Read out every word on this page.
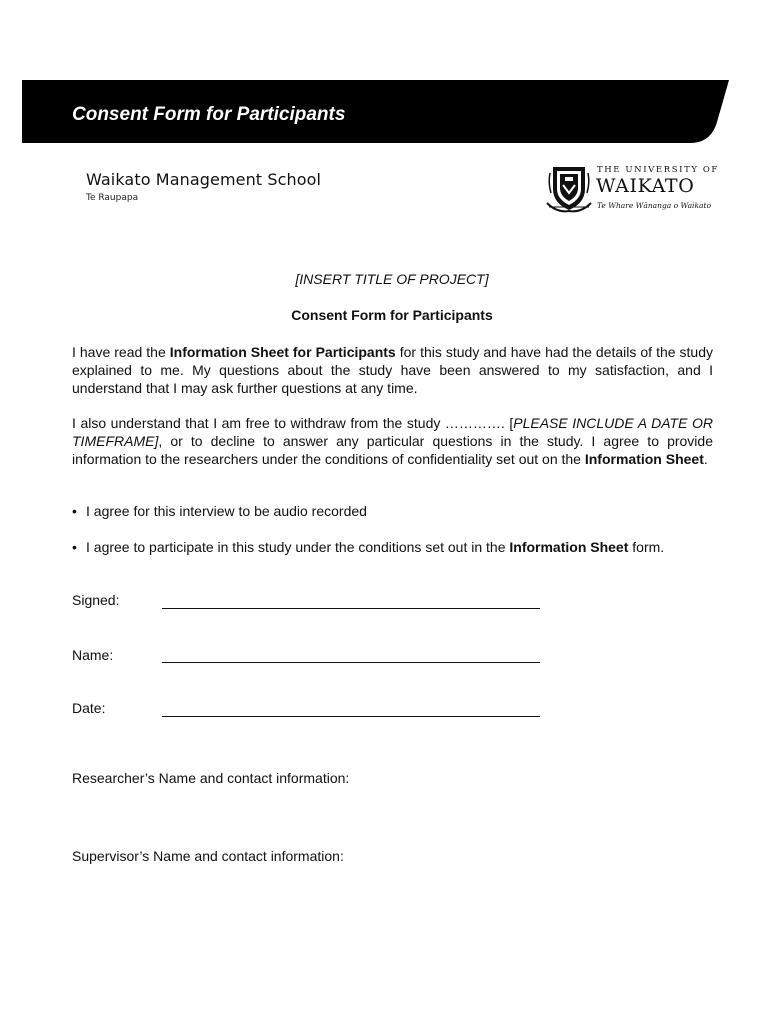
Consent Form for Participants
Waikato Management School
Te Raupapa
THE UNIVERSITY OF
WAIKATO
Te Whare Wānanga o Waikato
[INSERT TITLE OF PROJECT]
Consent Form for Participants
I have read the Information Sheet for Participants for this study and have had the details of the study explained to me. My questions about the study have been answered to my satisfaction, and I understand that I may ask further questions at any time.
I also understand that I am free to withdraw from the study …………. [PLEASE INCLUDE A DATE OR TIMEFRAME], or to decline to answer any particular questions in the study. I agree to provide information to the researchers under the conditions of confidentiality set out on the Information Sheet.
• I agree for this interview to be audio recorded
• I agree to participate in this study under the conditions set out in the Information Sheet form.
Signed:
Name:
Date:
Researcher’s Name and contact information:
Supervisor’s Name and contact information:
